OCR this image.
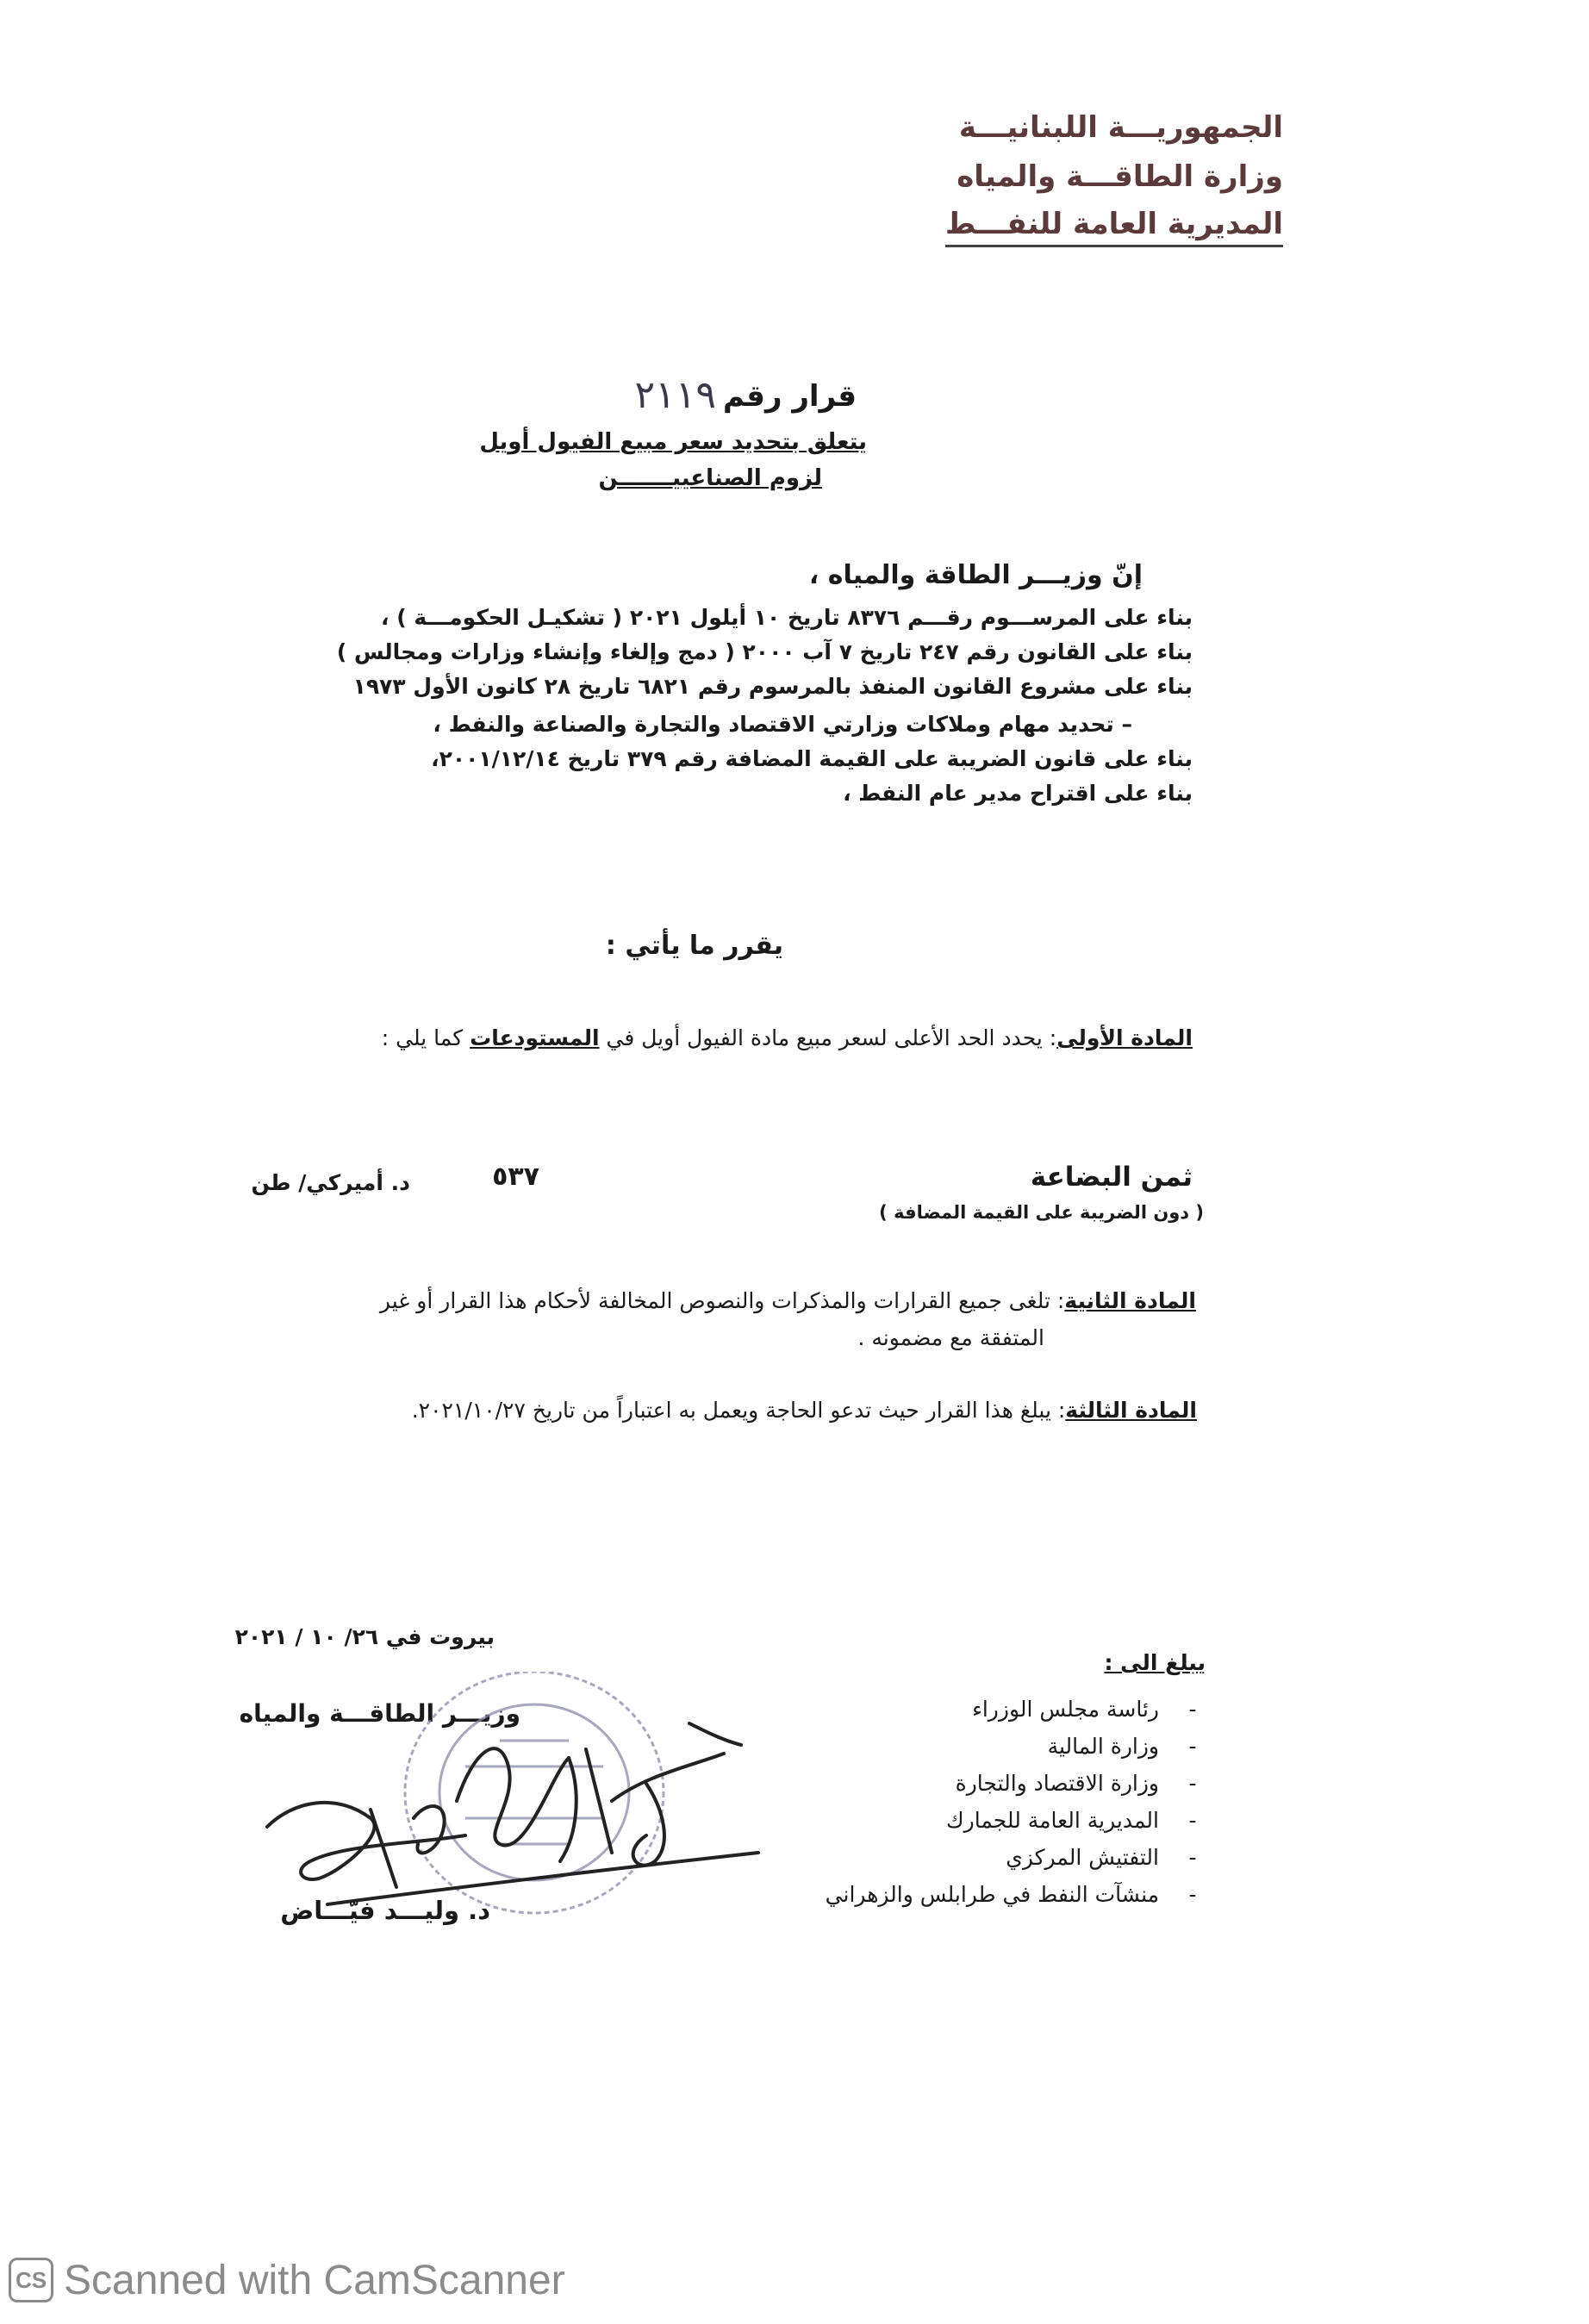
الجمهوريـــة اللبنانيـــة
وزارة الطاقـــة والمياه
المديرية العامة للنفـــط
قرار رقم
٢١١٩
يتعلق بتحديد سعر مبيع الفيول أويل
لزوم الصناعييـــــــن
إنّ وزيـــر الطاقة والمياه ،
بناء على المرســـوم رقـــم ٨٣٧٦ تاريخ ١٠ أيلول ٢٠٢١ ( تشكيـل الحكومـــة ) ،
بناء على القانون رقم ٢٤٧ تاريخ ٧ آب ٢٠٠٠ ( دمج وإلغاء وإنشاء وزارات ومجالس )
بناء على مشروع القانون المنفذ بالمرسوم رقم ٦٨٢١ تاريخ ٢٨ كانون الأول ١٩٧٣
– تحديد مهام وملاكات وزارتي الاقتصاد والتجارة والصناعة والنفط ،
بناء على قانون الضريبة على القيمة المضافة رقم ٣٧٩ تاريخ ٢٠٠١/١٢/١٤،
بناء على اقتراح مدير عام النفط ،
يقرر ما يأتي :
المادة الأولى: يحدد الحد الأعلى لسعر مبيع مادة الفيول أويل في المستودعات كما يلي :
ثمن البضاعة
( دون الضريبة على القيمة المضافة )
٥٣٧
د. أميركي/ طن
المادة الثانية: تلغى جميع القرارات والمذكرات والنصوص المخالفة لأحكام هذا القرار أو غير
المتفقة مع مضمونه .
المادة الثالثة: يبلغ هذا القرار حيث تدعو الحاجة ويعمل به اعتباراً من تاريخ ٢٠٢١/١٠/٢٧.
بيروت في ٢٦/ ١٠ / ٢٠٢١
يبلغ الى :
-رئاسة مجلس الوزراء
-وزارة المالية
-وزارة الاقتصاد والتجارة
-المديرية العامة للجمارك
-التفتيش المركزي
-منشآت النفط في طرابلس والزهراني
وزيـــر الطاقـــة والمياه
د. وليـــد فيّـــاض
CS Scanned with CamScanner
